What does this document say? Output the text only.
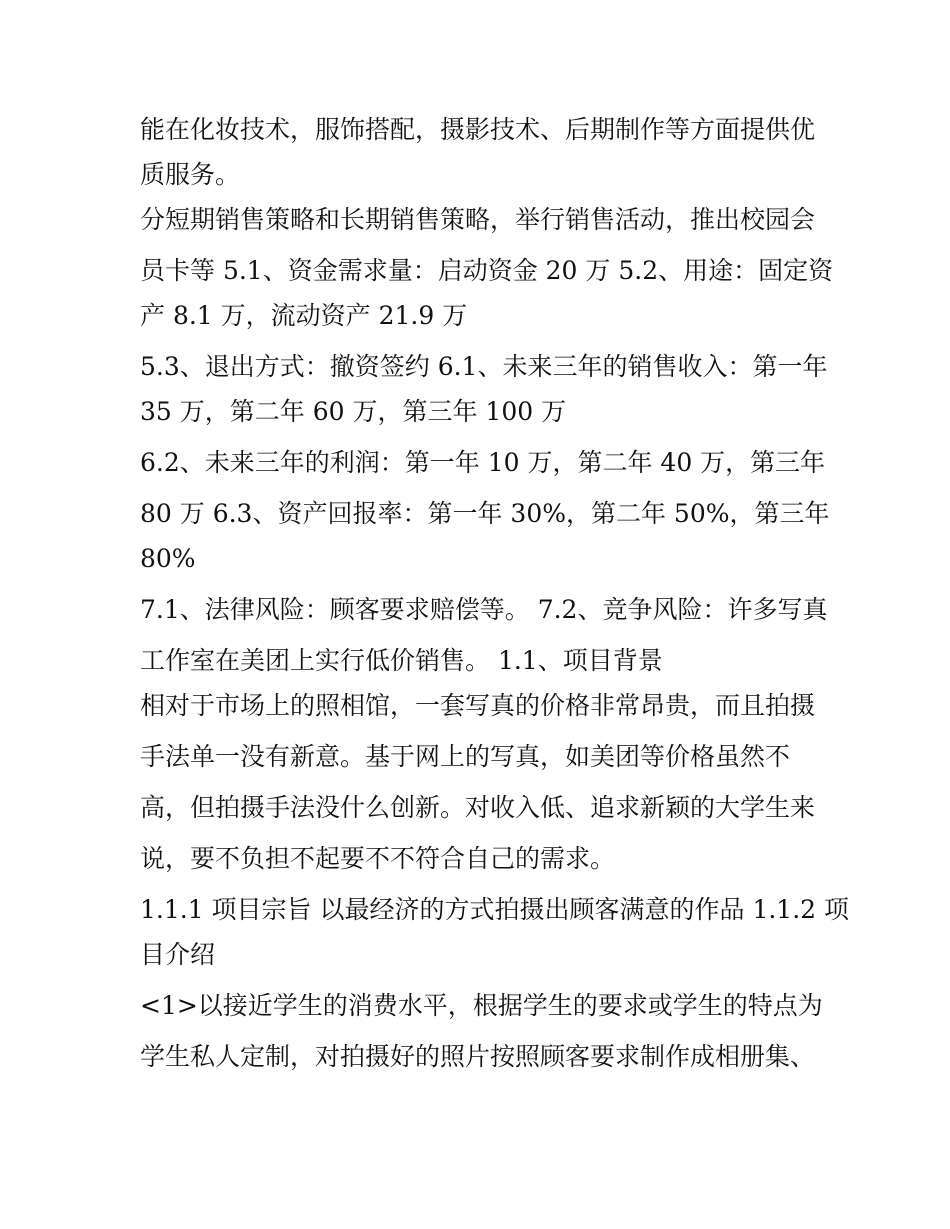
能在化妆技术，服饰搭配，摄影技术、后期制作等方面提供优
质服务。
分短期销售策略和长期销售策略，举行销售活动，推出校园会
员卡等 5.1、资金需求量：启动资金 20 万 5.2、用途：固定资
产 8.1 万，流动资产 21.9 万
5.3、退出方式：撤资签约 6.1、未来三年的销售收入：第一年
35 万，第二年 60 万，第三年 100 万
6.2、未来三年的利润：第一年 10 万，第二年 40 万，第三年
80 万 6.3、资产回报率：第一年 30%，第二年 50%，第三年
80%
7.1、法律风险：顾客要求赔偿等。 7.2、竞争风险：许多写真
工作室在美团上实行低价销售。 1.1、项目背景
相对于市场上的照相馆，一套写真的价格非常昂贵，而且拍摄
手法单一没有新意。基于网上的写真，如美团等价格虽然不
高，但拍摄手法没什么创新。对收入低、追求新颖的大学生来
说，要不负担不起要不不符合自己的需求。
1.1.1 项目宗旨 以最经济的方式拍摄出顾客满意的作品 1.1.2 项
目介绍
<1>以接近学生的消费水平，根据学生的要求或学生的特点为
学生私人定制，对拍摄好的照片按照顾客要求制作成相册集、
